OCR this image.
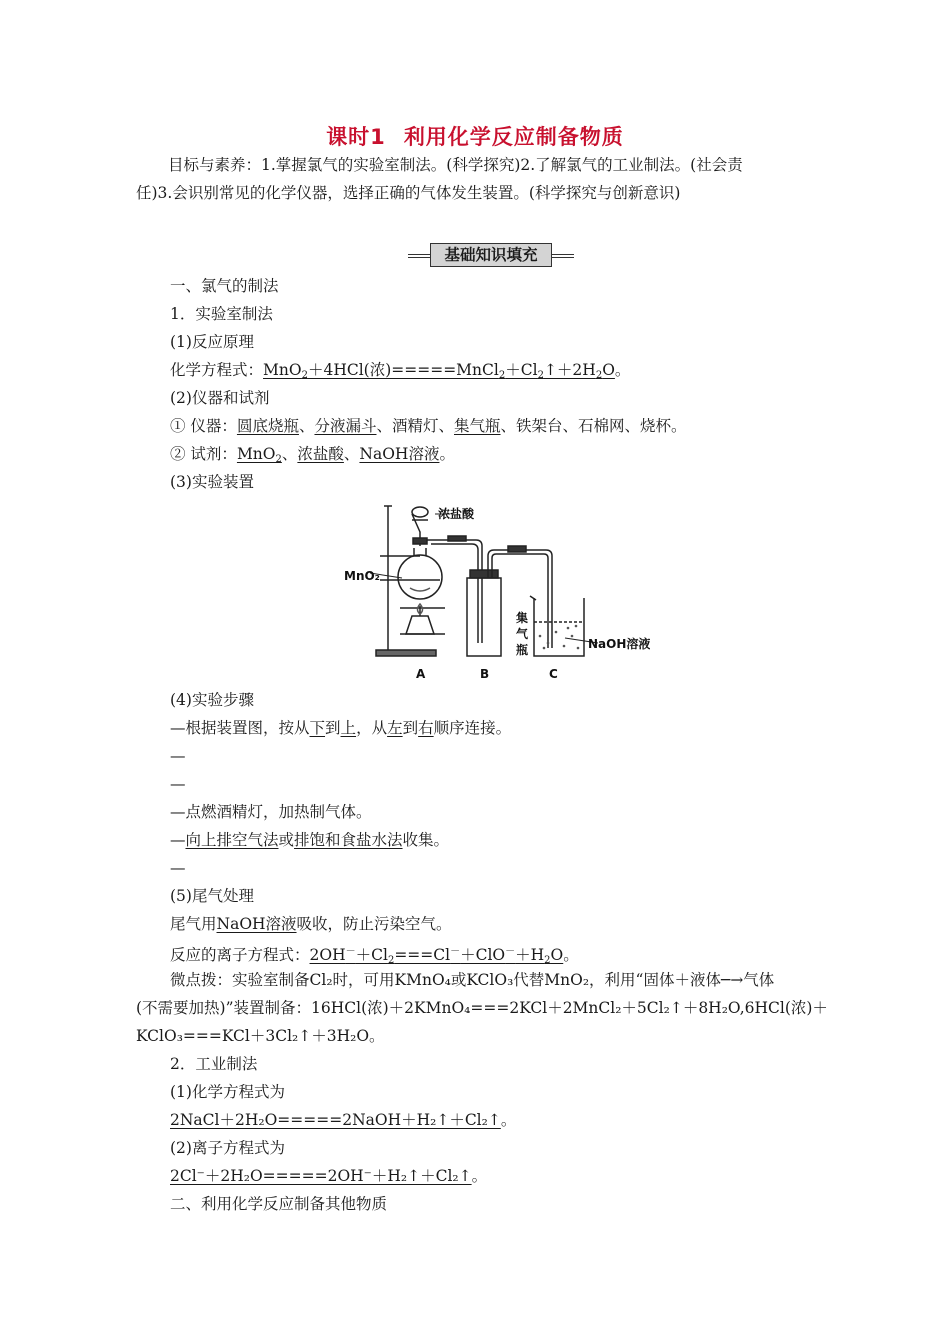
课时1 利用化学反应制备物质
目标与素养：1.掌握氯气的实验室制法。(科学探究)2.了解氯气的工业制法。(社会责
任)3.会识别常见的化学仪器，选择正确的气体发生装置。(科学探究与创新意识)
基础知识填充
一、氯气的制法
1．实验室制法
(1)反应原理
化学方程式：MnO$_2$＋4HCl(浓)$=====MnCl_2+Cl_2↑+2H_2O$。
(2)仪器和试剂
① 仪器：圆底烧瓶、分液漏斗、酒精灯、集气瓶、铁架台、石棉网、烧杯。
② 试剂：MnO$_2$、浓盐酸、NaOH溶液。
(3)实验装置
浓盐酸
MnO₂
NaOH溶液
集
气
瓶
A	B	C
(4)实验步骤
—根据装置图，按从下到上，从左到右顺序连接。
—
—
—点燃酒精灯，加热制气体。
—向上排空气法或排饱和食盐水法收集。
—
(5)尾气处理
尾气用NaOH溶液吸收，防止污染空气。
反应的离子方程式：$2OH^-+Cl_2===Cl^-+ClO^-+H_2O$。
微点拨：实验室制备Cl₂时，可用KMnO₄或KClO₃代替MnO₂，利用“固体＋液体─→气体
(不需要加热)”装置制备：16HCl(浓)＋2KMnO₄===2KCl＋2MnCl₂＋5Cl₂↑＋8H₂O,6HCl(浓)＋
KClO₃===KCl＋3Cl₂↑＋3H₂O。
2．工业制法
(1)化学方程式为
2NaCl＋2H₂O=====2NaOH＋H₂↑＋Cl₂↑。
(2)离子方程式为
2Cl⁻＋2H₂O=====2OH⁻＋H₂↑＋Cl₂↑。
二、利用化学反应制备其他物质
